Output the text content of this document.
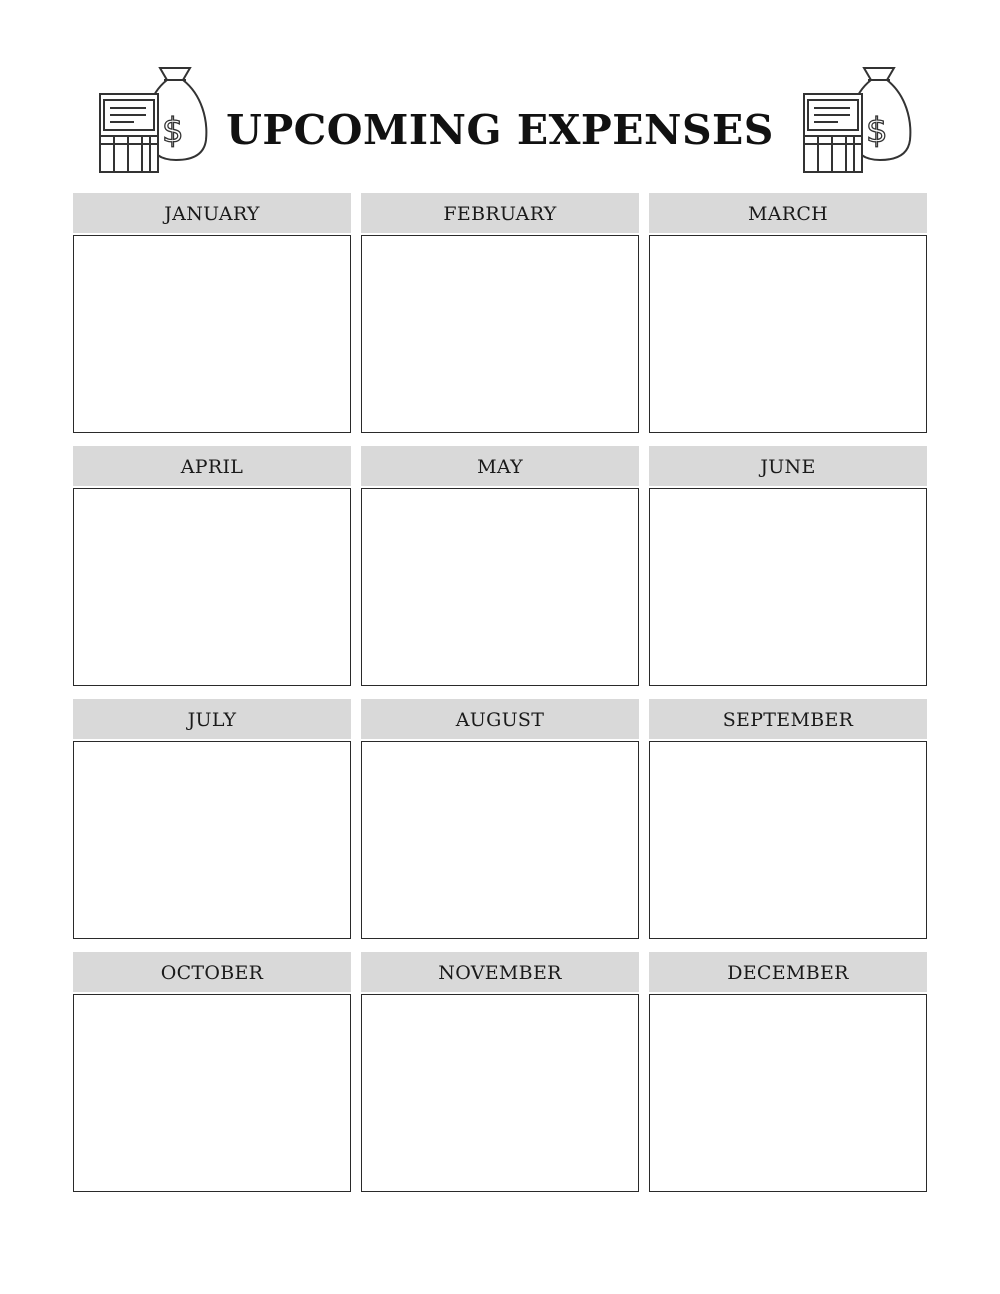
$	UPCOMING EXPENSES	$
JANUARY	FEBRUARY	MARCH
APRIL	MAY	JUNE
JULY	AUGUST	SEPTEMBER
OCTOBER	NOVEMBER	DECEMBER
